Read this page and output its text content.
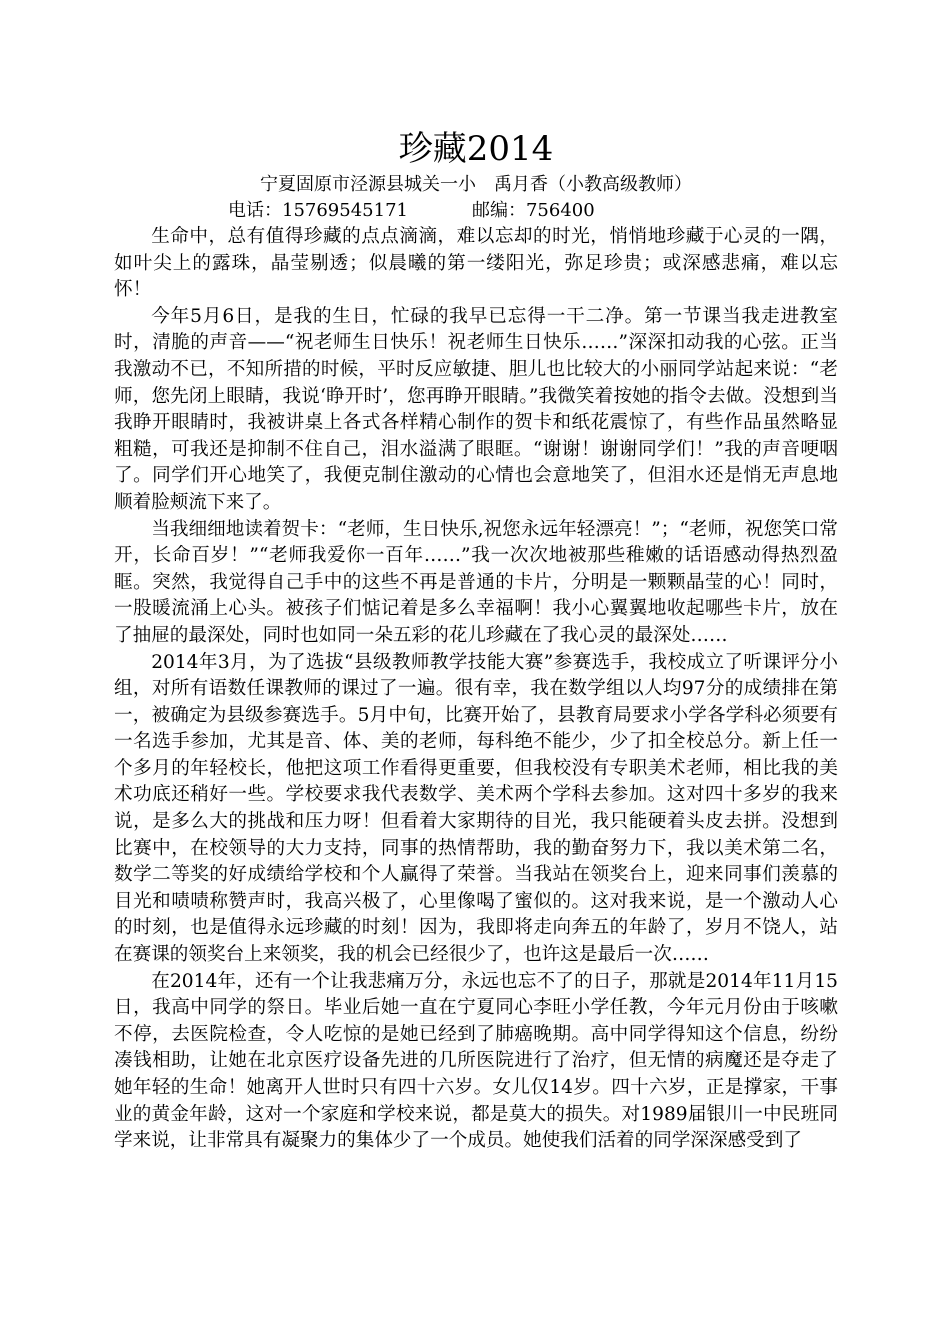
珍藏2014

宁夏固原市泾源县城关一小 禹月香（小教高级教师）

电话：15769545171	邮编：756400

生命中，总有值得珍藏的点点滴滴，难以忘却的时光，悄悄地珍藏于心灵的一隅，如叶尖上的露珠，晶莹剔透；似晨曦的第一缕阳光，弥足珍贵；或深感悲痛，难以忘怀！

今年5月6日，是我的生日，忙碌的我早已忘得一干二净。第一节课当我走进教室时，清脆的声音——“祝老师生日快乐！祝老师生日快乐……”深深扣动我的心弦。正当我激动不已，不知所措的时候，平时反应敏捷、胆儿也比较大的小丽同学站起来说：“老师，您先闭上眼睛，我说‘睁开时’，您再睁开眼睛。”我微笑着按她的指令去做。没想到当我睁开眼睛时，我被讲桌上各式各样精心制作的贺卡和纸花震惊了，有些作品虽然略显粗糙，可我还是抑制不住自己，泪水溢满了眼眶。“谢谢！谢谢同学们！”我的声音哽咽了。同学们开心地笑了，我便克制住激动的心情也会意地笑了，但泪水还是悄无声息地顺着脸颊流下来了。

当我细细地读着贺卡：“老师，生日快乐,祝您永远年轻漂亮！”；“老师，祝您笑口常开，长命百岁！”“老师我爱你一百年……”我一次次地被那些稚嫩的话语感动得热烈盈眶。突然，我觉得自己手中的这些不再是普通的卡片，分明是一颗颗晶莹的心！同时，一股暖流涌上心头。被孩子们惦记着是多么幸福啊！我小心翼翼地收起哪些卡片，放在了抽屉的最深处，同时也如同一朵五彩的花儿珍藏在了我心灵的最深处……

2014年3月，为了选拔“县级教师教学技能大赛”参赛选手，我校成立了听课评分小组，对所有语数任课教师的课过了一遍。很有幸，我在数学组以人均97分的成绩排在第一，被确定为县级参赛选手。5月中旬，比赛开始了，县教育局要求小学各学科必须要有一名选手参加，尤其是音、体、美的老师，每科绝不能少，少了扣全校总分。新上任一个多月的年轻校长，他把这项工作看得更重要，但我校没有专职美术老师，相比我的美术功底还稍好一些。学校要求我代表数学、美术两个学科去参加。这对四十多岁的我来说，是多么大的挑战和压力呀！但看着大家期待的目光，我只能硬着头皮去拼。没想到比赛中，在校领导的大力支持，同事的热情帮助，我的勤奋努力下，我以美术第二名，数学二等奖的好成绩给学校和个人赢得了荣誉。当我站在领奖台上，迎来同事们羡慕的目光和啧啧称赞声时，我高兴极了，心里像喝了蜜似的。这对我来说，是一个激动人心的时刻，也是值得永远珍藏的时刻！因为，我即将走向奔五的年龄了，岁月不饶人，站在赛课的领奖台上来领奖，我的机会已经很少了，也许这是最后一次……

在2014年，还有一个让我悲痛万分，永远也忘不了的日子，那就是2014年11月15日，我高中同学的祭日。毕业后她一直在宁夏同心李旺小学任教，今年元月份由于咳嗽不停，去医院检查，令人吃惊的是她已经到了肺癌晚期。高中同学得知这个信息，纷纷凑钱相助，让她在北京医疗设备先进的几所医院进行了治疗，但无情的病魔还是夺走了她年轻的生命！她离开人世时只有四十六岁。女儿仅14岁。四十六岁，正是撑家，干事业的黄金年龄，这对一个家庭和学校来说，都是莫大的损失。对1989届银川一中民班同学来说，让非常具有凝聚力的集体少了一个成员。她使我们活着的同学深深感受到了
